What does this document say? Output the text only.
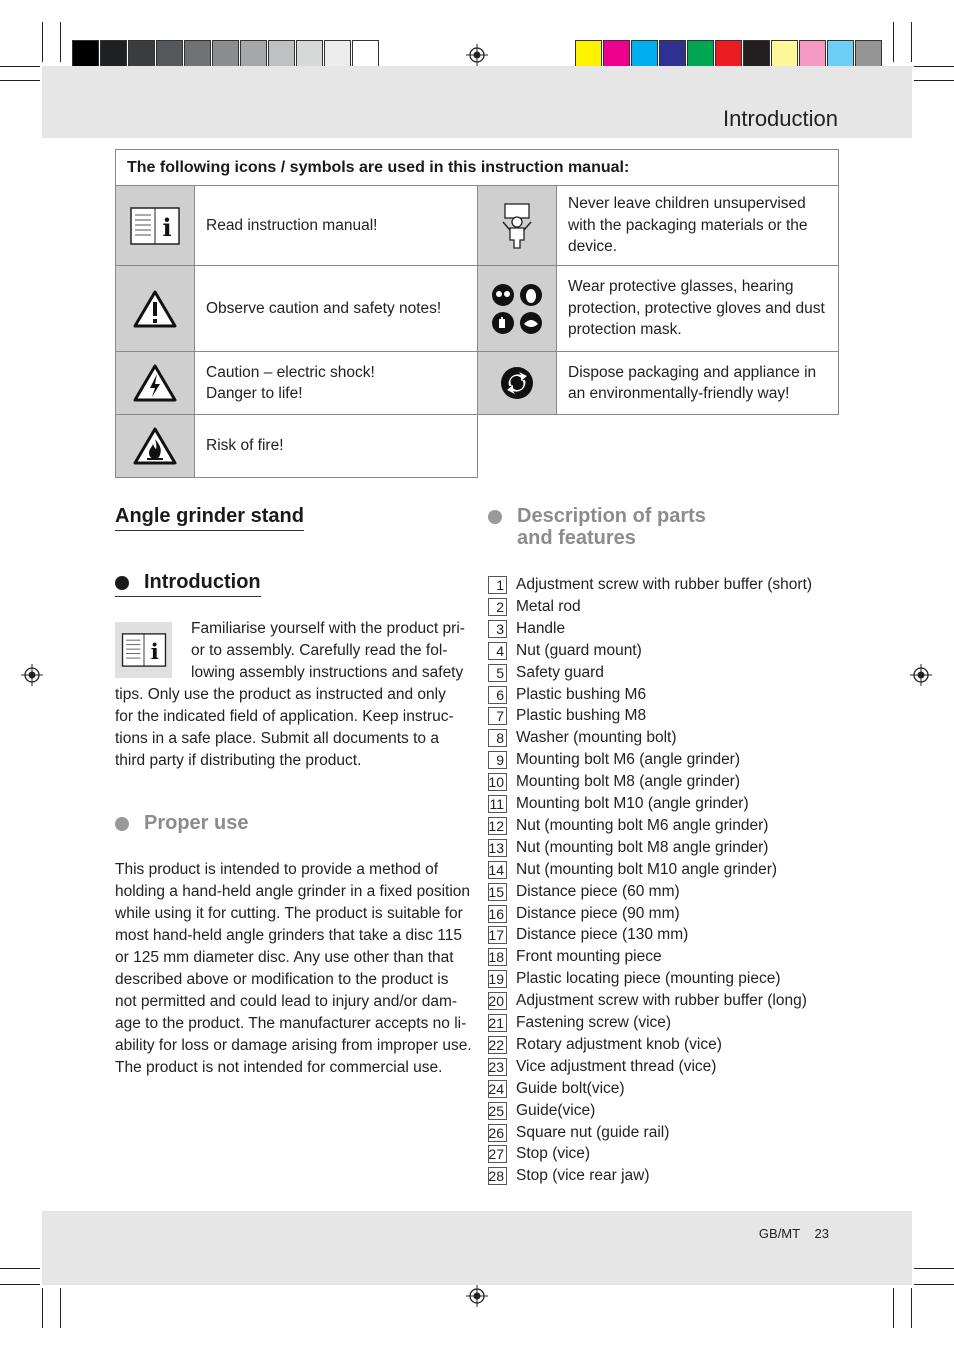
Introduction
The following icons / symbols are used in this instruction manual:
i Read instruction manual!
Never leave children unsupervised with the packaging materials or the device.
Observe caution and safety notes!
Wear protective glasses, hearing protection, protective gloves and dust protection mask.
Caution – electric shock!
Danger to life!
Dispose packaging and appliance in an environmentally-friendly way!
Risk of fire!
Angle grinder stand
Introduction
i
Familiarise yourself with the product pri-
or to assembly. Carefully read the fol-
lowing assembly instructions and safety
tips. Only use the product as instructed and only
for the indicated field of application. Keep instruc-
tions in a safe place. Submit all documents to a
third party if distributing the product.
Proper use
This product is intended to provide a method of
holding a hand-held angle grinder in a fixed position
while using it for cutting. The product is suitable for
most hand-held angle grinders that take a disc 115
or 125 mm diameter disc. Any use other than that
described above or modification to the product is
not permitted and could lead to injury and/or dam-
age to the product. The manufacturer accepts no li-
ability for loss or damage arising from improper use.
The product is not intended for commercial use.
Description of parts
and features
1 Adjustment screw with rubber buffer (short)
2 Metal rod
3 Handle
4 Nut (guard mount)
5 Safety guard
6 Plastic bushing M6
7 Plastic bushing M8
8 Washer (mounting bolt)
9 Mounting bolt M6 (angle grinder)
10 Mounting bolt M8 (angle grinder)
11 Mounting bolt M10 (angle grinder)
12 Nut (mounting bolt M6 angle grinder)
13 Nut (mounting bolt M8 angle grinder)
14 Nut (mounting bolt M10 angle grinder)
15 Distance piece (60 mm)
16 Distance piece (90 mm)
17 Distance piece (130 mm)
18 Front mounting piece
19 Plastic locating piece (mounting piece)
20 Adjustment screw with rubber buffer (long)
21 Fastening screw (vice)
22 Rotary adjustment knob (vice)
23 Vice adjustment thread (vice)
24 Guide bolt(vice)
25 Guide(vice)
26 Square nut (guide rail)
27 Stop (vice)
28 Stop (vice rear jaw)
GB/MT 23
